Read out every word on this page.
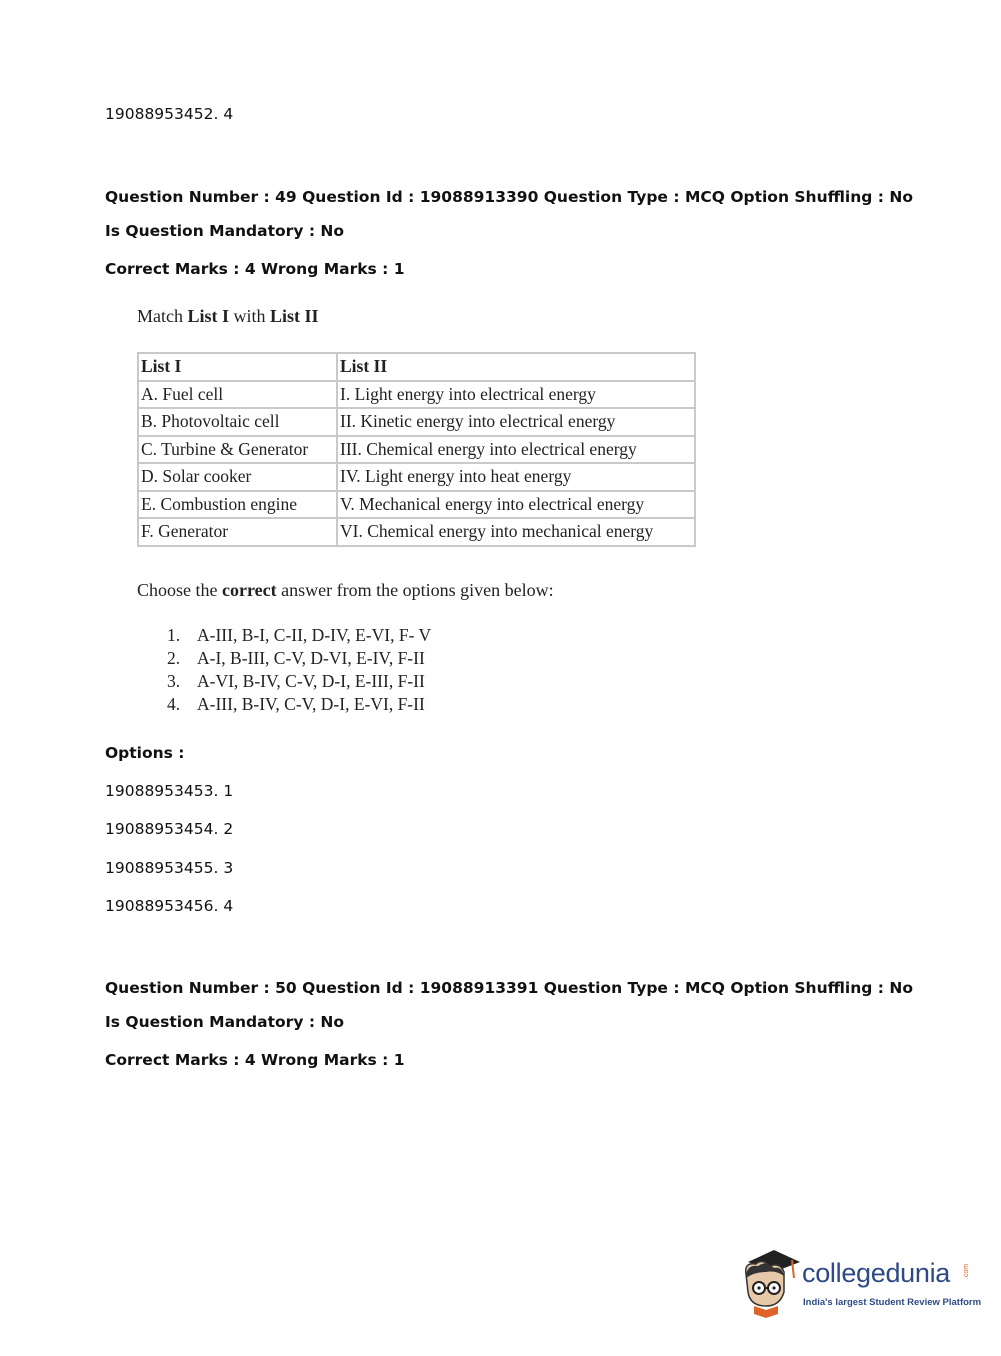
19088953452. 4
Question Number : 49 Question Id : 19088913390 Question Type : MCQ Option Shuffling : No
Is Question Mandatory : No
Correct Marks : 4 Wrong Marks : 1
Match List I with List II
List I	List II
A. Fuel cell	I. Light energy into electrical energy
B. Photovoltaic cell	II. Kinetic energy into electrical energy
C. Turbine & Generator	III. Chemical energy into electrical energy
D. Solar cooker	IV. Light energy into heat energy
E. Combustion engine	V. Mechanical energy into electrical energy
F. Generator	VI. Chemical energy into mechanical energy
Choose the correct answer from the options given below:
1. A-III, B-I, C-II, D-IV, E-VI, F- V
2. A-I, B-III, C-V, D-VI, E-IV, F-II
3. A-VI, B-IV, C-V, D-I, E-III, F-II
4. A-III, B-IV, C-V, D-I, E-VI, F-II
Options :
19088953453. 1
19088953454. 2
19088953455. 3
19088953456. 4
Question Number : 50 Question Id : 19088913391 Question Type : MCQ Option Shuffling : No
Is Question Mandatory : No
Correct Marks : 4 Wrong Marks : 1
collegedunia .com
India's largest Student Review Platform
